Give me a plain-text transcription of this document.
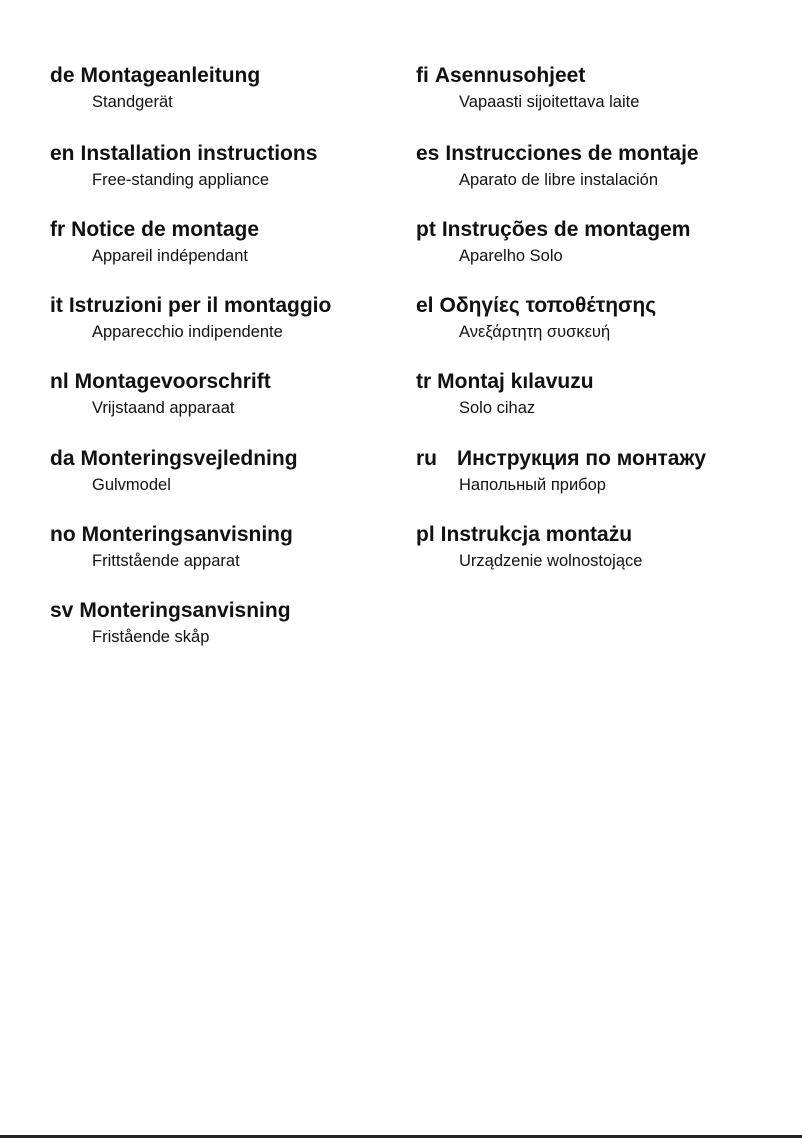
de Montageanleitung
Standgerät
en Installation instructions
Free-standing appliance
fr Notice de montage
Appareil indépendant
it Istruzioni per il montaggio
Apparecchio indipendente
nl Montagevoorschrift
Vrijstaand apparaat
da Monteringsvejledning
Gulvmodel
no Monteringsanvisning
Frittstående apparat
sv Monteringsanvisning
Fristående skåp
fi Asennusohjeet
Vapaasti sijoitettava laite
es Instrucciones de montaje
Aparato de libre instalación
pt Instruções de montagem
Aparelho Solo
el Οδηγίες τοποθέτησης
Ανεξάρτητη συσκευή
tr Montaj kılavuzu
Solo cihaz
ru Инструкция по монтажу
Напольный прибор
pl Instrukcja montażu
Urządzenie wolnostojące
